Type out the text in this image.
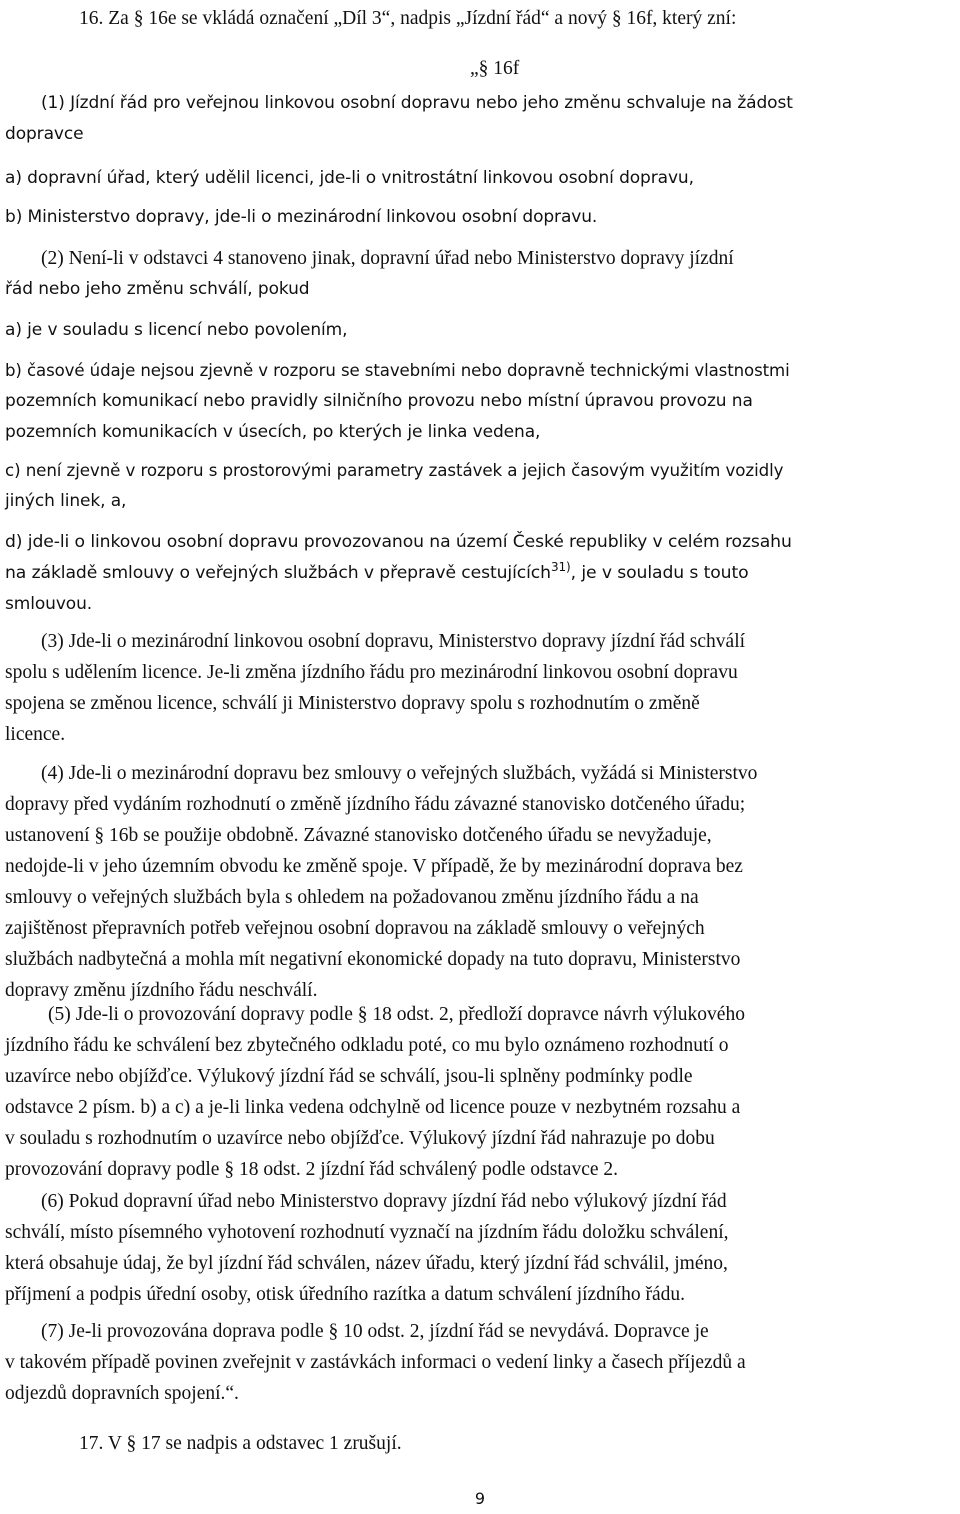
16. Za § 16e se vkládá označení „Díl 3“, nadpis „Jízdní řád“ a nový § 16f, který zní:
„§ 16f
(1) Jízdní řád pro veřejnou linkovou osobní dopravu nebo jeho změnu schvaluje na žádost
dopravce
a) dopravní úřad, který udělil licenci, jde-li o vnitrostátní linkovou osobní dopravu,
b) Ministerstvo dopravy, jde-li o mezinárodní linkovou osobní dopravu.
(2) Není-li v odstavci 4 stanoveno jinak, dopravní úřad nebo Ministerstvo dopravy jízdní
řád nebo jeho změnu schválí, pokud
a) je v souladu s licencí nebo povolením,
b) časové údaje nejsou zjevně v rozporu se stavebními nebo dopravně technickými vlastnostmi
pozemních komunikací nebo pravidly silničního provozu nebo místní úpravou provozu na
pozemních komunikacích v úsecích, po kterých je linka vedena,
c) není zjevně v rozporu s prostorovými parametry zastávek a jejich časovým využitím vozidly
jiných linek, a,
d) jde-li o linkovou osobní dopravu provozovanou na území České republiky v celém rozsahu
na základě smlouvy o veřejných službách v přepravě cestujících$^{31)}$, je v souladu s touto
smlouvou.
(3) Jde-li o mezinárodní linkovou osobní dopravu, Ministerstvo dopravy jízdní řád schválí
spolu s udělením licence. Je-li změna jízdního řádu pro mezinárodní linkovou osobní dopravu
spojena se změnou licence, schválí ji Ministerstvo dopravy spolu s rozhodnutím o změně
licence.
(4) Jde-li o mezinárodní dopravu bez smlouvy o veřejných službách, vyžádá si Ministerstvo
dopravy před vydáním rozhodnutí o změně jízdního řádu závazné stanovisko dotčeného úřadu;
ustanovení § 16b se použije obdobně. Závazné stanovisko dotčeného úřadu se nevyžaduje,
nedojde-li v jeho územním obvodu ke změně spoje. V případě, že by mezinárodní doprava bez
smlouvy o veřejných službách byla s ohledem na požadovanou změnu jízdního řádu a na
zajištěnost přepravních potřeb veřejnou osobní dopravou na základě smlouvy o veřejných
službách nadbytečná a mohla mít negativní ekonomické dopady na tuto dopravu, Ministerstvo
dopravy změnu jízdního řádu neschválí.
(5) Jde-li o provozování dopravy podle § 18 odst. 2, předloží dopravce návrh výlukového
jízdního řádu ke schválení bez zbytečného odkladu poté, co mu bylo oznámeno rozhodnutí o
uzavírce nebo objížďce. Výlukový jízdní řád se schválí, jsou-li splněny podmínky podle
odstavce 2 písm. b) a c) a je-li linka vedena odchylně od licence pouze v nezbytném rozsahu a
v souladu s rozhodnutím o uzavírce nebo objížďce. Výlukový jízdní řád nahrazuje po dobu
provozování dopravy podle § 18 odst. 2 jízdní řád schválený podle odstavce 2.
(6) Pokud dopravní úřad nebo Ministerstvo dopravy jízdní řád nebo výlukový jízdní řád
schválí, místo písemného vyhotovení rozhodnutí vyznačí na jízdním řádu doložku schválení,
která obsahuje údaj, že byl jízdní řád schválen, název úřadu, který jízdní řád schválil, jméno,
příjmení a podpis úřední osoby, otisk úředního razítka a datum schválení jízdního řádu.
(7) Je-li provozována doprava podle § 10 odst. 2, jízdní řád se nevydává. Dopravce je
v takovém případě povinen zveřejnit v zastávkách informaci o vedení linky a časech příjezdů a
odjezdů dopravních spojení.“.
17. V § 17 se nadpis a odstavec 1 zrušují.
9
